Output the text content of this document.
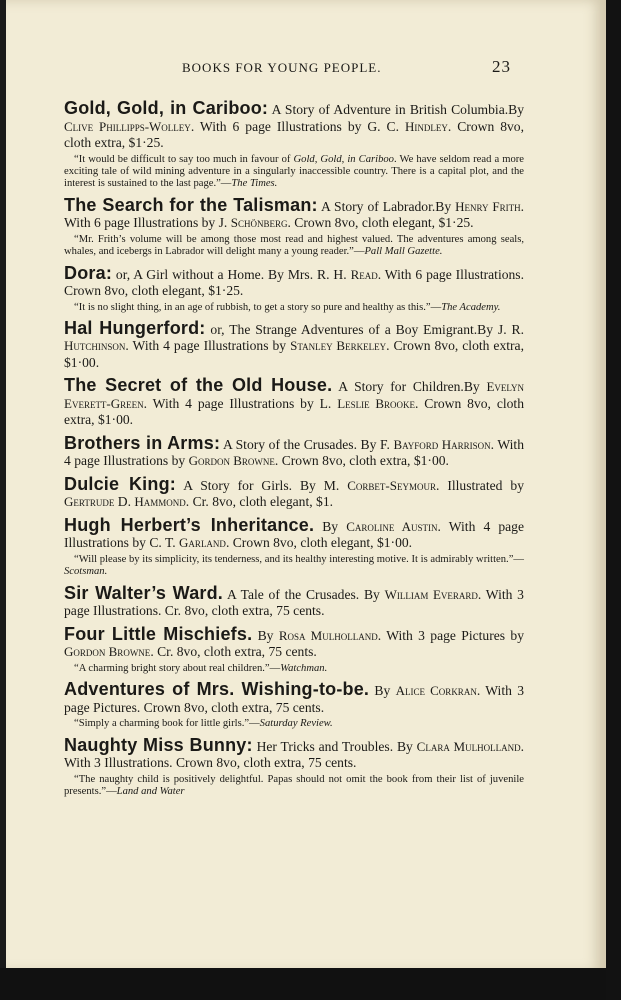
BOOKS FOR YOUNG PEOPLE.	23

Gold, Gold, in Cariboo: A Story of Adventure in British Columbia.By Clive Phillipps-Wolley. With 6 page Illustrations by G. C. Hindley. Crown 8vo, cloth extra, $1·25.

“It would be difficult to say too much in favour of Gold, Gold, in Cariboo. We have seldom read a more exciting tale of wild mining adventure in a singularly inaccessible country. There is a capital plot, and the interest is sustained to the last page.”—The Times.

The Search for the Talisman: A Story of Labrador.By Henry Frith. With 6 page Illustrations by J. Schönberg. Crown 8vo, cloth elegant, $1·25.

“Mr. Frith’s volume will be among those most read and highest valued. The adventures among seals, whales, and icebergs in Labrador will delight many a young reader.”—Pall Mall Gazette.

Dora: or, A Girl without a Home. By Mrs. R. H. Read. With 6 page Illustrations. Crown 8vo, cloth elegant, $1·25.

“It is no slight thing, in an age of rubbish, to get a story so pure and healthy as this.”—The Academy.

Hal Hungerford: or, The Strange Adventures of a Boy Emigrant.By J. R. Hutchinson. With 4 page Illustrations by Stanley Berkeley. Crown 8vo, cloth extra, $1·00.

The Secret of the Old House. A Story for Children.By Evelyn Everett-Green. With 4 page Illustrations by L. Leslie Brooke. Crown 8vo, cloth extra, $1·00.

Brothers in Arms: A Story of the Crusades. By F. Bayford Harrison. With 4 page Illustrations by Gordon Browne. Crown 8vo, cloth extra, $1·00.

Dulcie King: A Story for Girls. By M. Corbet-Seymour. Illustrated by Gertrude D. Hammond. Cr. 8vo, cloth elegant, $1.

Hugh Herbert’s Inheritance. By Caroline Austin. With 4 page Illustrations by C. T. Garland. Crown 8vo, cloth elegant, $1·00.

“Will please by its simplicity, its tenderness, and its healthy interesting motive. It is admirably written.”—Scotsman.

Sir Walter’s Ward. A Tale of the Crusades. By William Everard. With 3 page Illustrations. Cr. 8vo, cloth extra, 75 cents.

Four Little Mischiefs. By Rosa Mulholland. With 3 page Pictures by Gordon Browne. Cr. 8vo, cloth extra, 75 cents.

“A charming bright story about real children.”—Watchman.

Adventures of Mrs. Wishing-to-be. By Alice Corkran. With 3 page Pictures. Crown 8vo, cloth extra, 75 cents.

“Simply a charming book for little girls.”—Saturday Review.

Naughty Miss Bunny: Her Tricks and Troubles. By Clara Mulholland. With 3 Illustrations. Crown 8vo, cloth extra, 75 cents.

“The naughty child is positively delightful. Papas should not omit the book from their list of juvenile presents.”—Land and Water
